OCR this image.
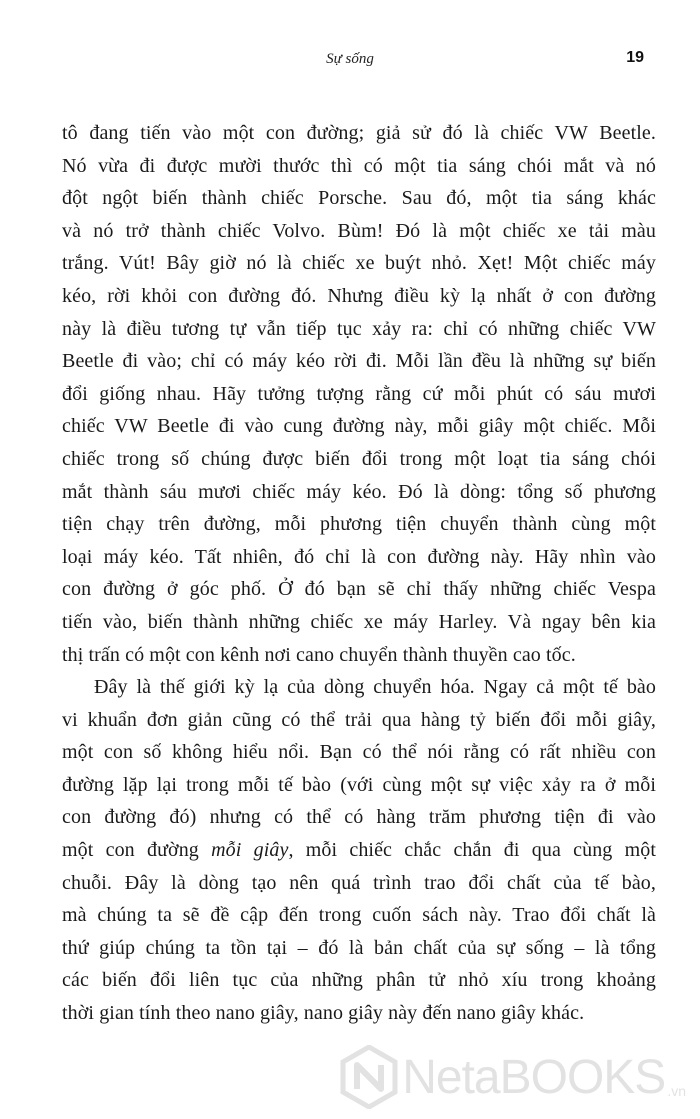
Sự sống	19

tô đang tiến vào một con đường; giả sử đó là chiếc VW Beetle.
Nó vừa đi được mười thước thì có một tia sáng chói mắt và nó
đột ngột biến thành chiếc Porsche. Sau đó, một tia sáng khác
và nó trở thành chiếc Volvo. Bùm! Đó là một chiếc xe tải màu
trắng. Vút! Bây giờ nó là chiếc xe buýt nhỏ. Xẹt! Một chiếc máy
kéo, rời khỏi con đường đó. Nhưng điều kỳ lạ nhất ở con đường
này là điều tương tự vẫn tiếp tục xảy ra: chỉ có những chiếc VW
Beetle đi vào; chỉ có máy kéo rời đi. Mỗi lần đều là những sự biến
đổi giống nhau. Hãy tưởng tượng rằng cứ mỗi phút có sáu mươi
chiếc VW Beetle đi vào cung đường này, mỗi giây một chiếc. Mỗi
chiếc trong số chúng được biến đổi trong một loạt tia sáng chói
mắt thành sáu mươi chiếc máy kéo. Đó là dòng: tổng số phương
tiện chạy trên đường, mỗi phương tiện chuyển thành cùng một
loại máy kéo. Tất nhiên, đó chỉ là con đường này. Hãy nhìn vào
con đường ở góc phố. Ở đó bạn sẽ chỉ thấy những chiếc Vespa
tiến vào, biến thành những chiếc xe máy Harley. Và ngay bên kia
thị trấn có một con kênh nơi cano chuyển thành thuyền cao tốc.

Đây là thế giới kỳ lạ của dòng chuyển hóa. Ngay cả một tế bào
vi khuẩn đơn giản cũng có thể trải qua hàng tỷ biến đổi mỗi giây,
một con số không hiểu nổi. Bạn có thể nói rằng có rất nhiều con
đường lặp lại trong mỗi tế bào (với cùng một sự việc xảy ra ở mỗi
con đường đó) nhưng có thể có hàng trăm phương tiện đi vào
một con đường mỗi giây, mỗi chiếc chắc chắn đi qua cùng một
chuỗi. Đây là dòng tạo nên quá trình trao đổi chất của tế bào,
mà chúng ta sẽ đề cập đến trong cuốn sách này. Trao đổi chất là
thứ giúp chúng ta tồn tại – đó là bản chất của sự sống – là tổng
các biến đổi liên tục của những phân tử nhỏ xíu trong khoảng
thời gian tính theo nano giây, nano giây này đến nano giây khác.

NetaBOOKS .vn
